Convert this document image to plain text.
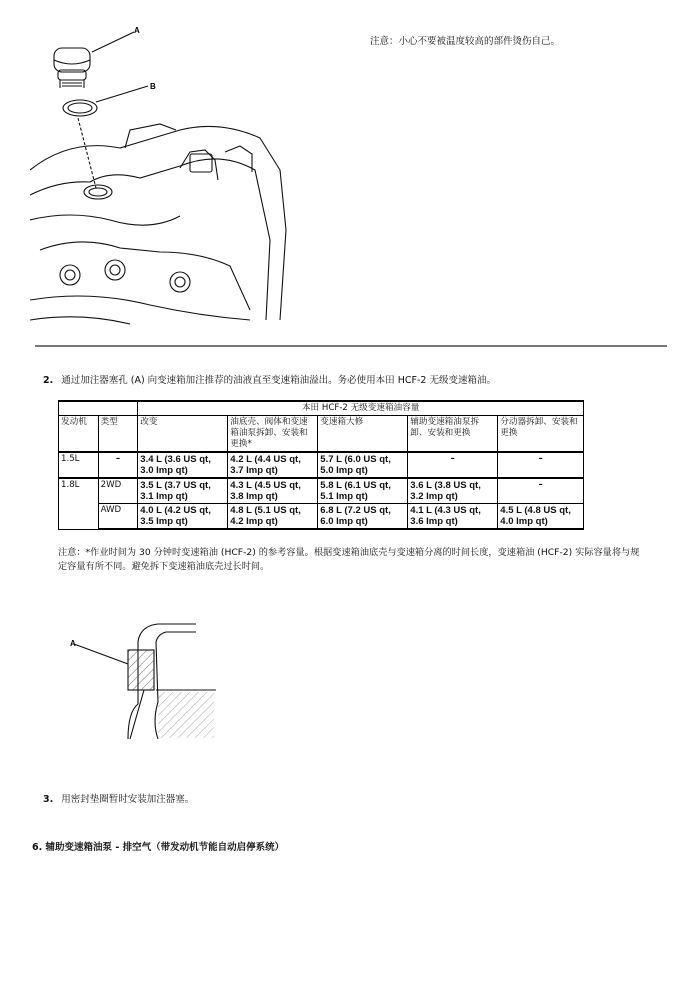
A
B
注意：小心不要被温度较高的部件烫伤自己。
2. 通过加注器塞孔 (A) 向变速箱加注推荐的油液直至变速箱油溢出。务必使用本田 HCF-2 无级变速箱油。
		本田 HCF-2 无级变速箱油容量				
发动机	类型	改变	油底壳、阀体和变速箱油泵拆卸、安装和更换*	变速箱大修	辅助变速箱油泵拆卸、安装和更换	分动器拆卸、安装和更换
1.5L	–	3.4 L (3.6 US qt, 3.0 Imp qt)	4.2 L (4.4 US qt, 3.7 Imp qt)	5.7 L (6.0 US qt, 5.0 Imp qt)	–	–
1.8L	2WD	3.5 L (3.7 US qt, 3.1 Imp qt)	4.3 L (4.5 US qt, 3.8 Imp qt)	5.8 L (6.1 US qt, 5.1 Imp qt)	3.6 L (3.8 US qt, 3.2 Imp qt)	–
	AWD	4.0 L (4.2 US qt, 3.5 Imp qt)	4.8 L (5.1 US qt, 4.2 Imp qt)	6.8 L (7.2 US qt, 6.0 Imp qt)	4.1 L (4.3 US qt, 3.6 Imp qt)	4.5 L (4.8 US qt, 4.0 Imp qt)
注意：*作业时间为 30 分钟时变速箱油 (HCF-2) 的参考容量。根据变速箱油底壳与变速箱分离的时间长度，变速箱油 (HCF-2) 实际容量将与规定容量有所不同。避免拆下变速箱油底壳过长时间。
A
3. 用密封垫圈暂时安装加注器塞。
6. 辅助变速箱油泵 - 排空气（带发动机节能自动启停系统）
